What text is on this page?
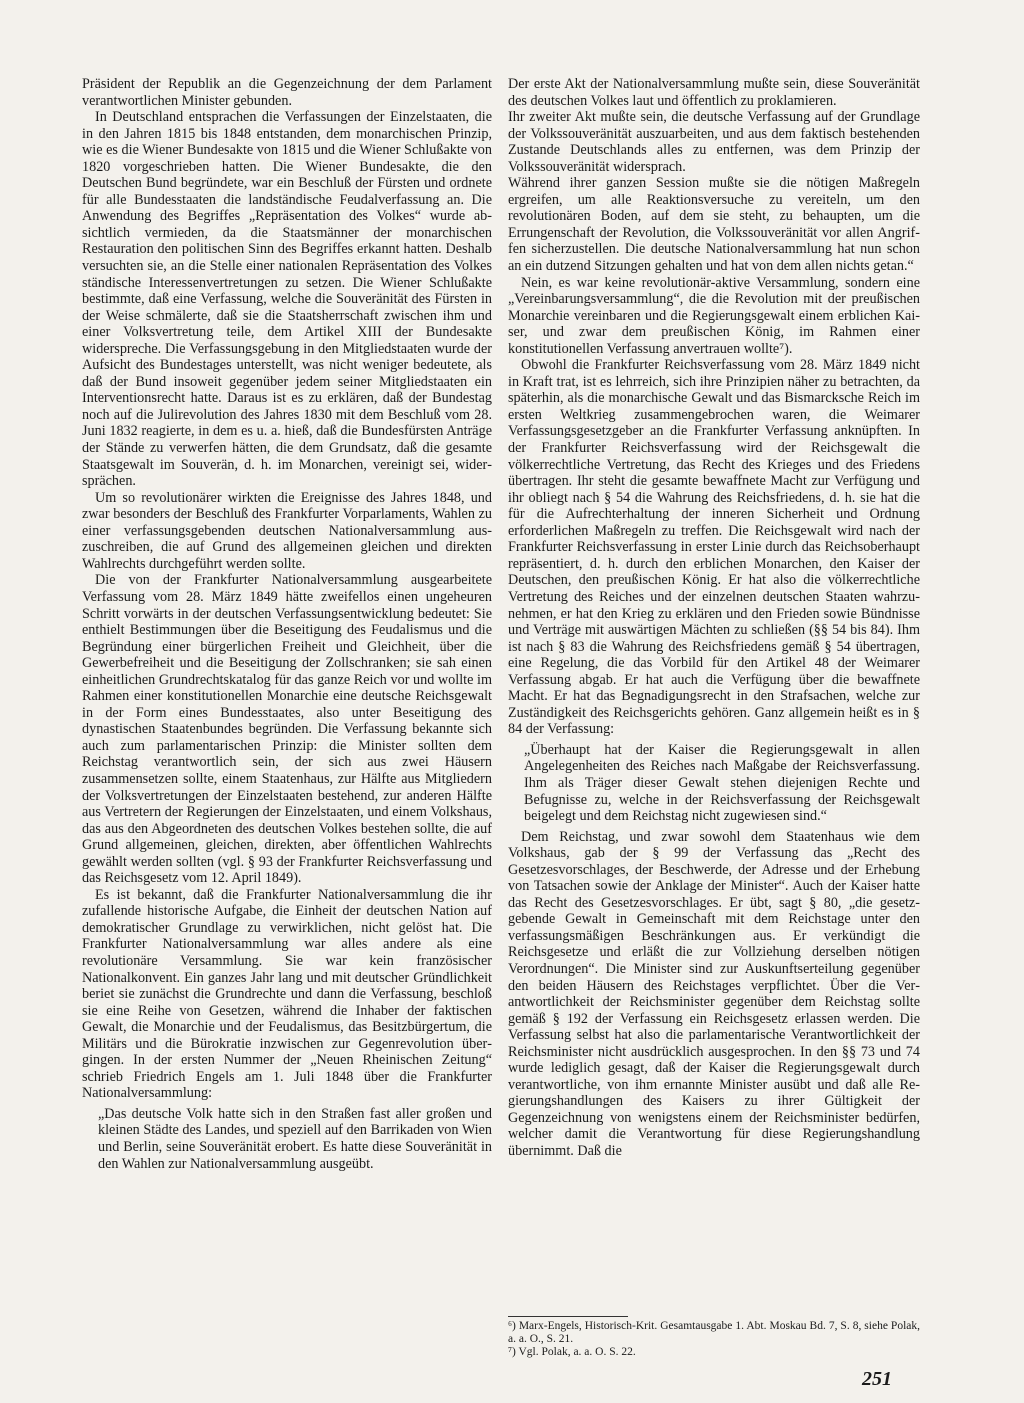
Präsident der Republik an die Gegenzeichnung der dem Parlament verantwortlichen Minister gebunden.

In Deutschland entsprachen die Verfassungen der Einzelstaaten, die in den Jahren 1815 bis 1848 entstanden, dem monarchischen Prinzip, wie es die Wiener Bundesakte von 1815 und die Wiener Schlußakte von 1820 vorgeschrieben hatten. Die Wiener Bundesakte, die den Deutschen Bund begründete, war ein Beschluß der Fürsten und ordnete für alle Bundesstaaten die landständische Feudalverfassung an. Die Anwendung des Begriffes „Repräsentation des Volkes“ wurde absichtlich vermieden, da die Staatsmänner der monarchischen Restauration den politischen Sinn des Begriffes erkannt hatten. Deshalb versuchten sie, an die Stelle einer nationalen Repräsentation des Volkes ständische Interessenvertretungen zu setzen. Die Wiener Schlußakte bestimmte, daß eine Verfassung, welche die Souveränität des Fürsten in der Weise schmälerte, daß sie die Staatsherrschaft zwischen ihm und einer Volksvertretung teile, dem Artikel XIII der Bundesakte widerspreche. Die Verfassungsgebung in den Mitgliedstaaten wurde der Aufsicht des Bundestages unterstellt, was nicht weniger bedeutete, als daß der Bund insoweit gegenüber jedem seiner Mitgliedstaaten ein Interventionsrecht hatte. Daraus ist es zu erklären, daß der Bundestag noch auf die Julirevolution des Jahres 1830 mit dem Beschluß vom 28. Juni 1832 reagierte, in dem es u. a. hieß, daß die Bundesfürsten Anträge der Stände zu verwerfen hätten, die dem Grundsatz, daß die gesamte Staatsgewalt im Souverän, d. h. im Monarchen, vereinigt sei, widersprächen.

Um so revolutionärer wirkten die Ereignisse des Jahres 1848, und zwar besonders der Beschluß des Frankfurter Vorparlaments, Wahlen zu einer verfassungsgebenden deutschen Nationalversammlung auszuschreiben, die auf Grund des allgemeinen gleichen und direkten Wahlrechts durchgeführt werden sollte.

Die von der Frankfurter Nationalversammlung ausgearbeitete Verfassung vom 28. März 1849 hätte zweifellos einen ungeheuren Schritt vorwärts in der deutschen Verfassungsentwicklung bedeutet: Sie enthielt Bestimmungen über die Beseitigung des Feudalismus und die Begründung einer bürgerlichen Freiheit und Gleichheit, über die Gewerbefreiheit und die Beseitigung der Zollschranken; sie sah einen einheitlichen Grundrechtskatalog für das ganze Reich vor und wollte im Rahmen einer konstitutionellen Monarchie eine deutsche Reichsgewalt in der Form eines Bundesstaates, also unter Beseitigung des dynastischen Staatenbundes begründen. Die Verfassung bekannte sich auch zum parlamentarischen Prinzip: die Minister sollten dem Reichstag verantwortlich sein, der sich aus zwei Häusern zusammensetzen sollte, einem Staatenhaus, zur Hälfte aus Mitgliedern der Volksvertretungen der Einzelstaaten bestehend, zur anderen Hälfte aus Vertretern der Regierungen der Einzelstaaten, und einem Volkshaus, das aus den Abgeordneten des deutschen Volkes bestehen sollte, die auf Grund allgemeinen, gleichen, direkten, aber öffentlichen Wahlrechts gewählt werden sollten (vgl. § 93 der Frankfurter Reichsverfassung und das Reichsgesetz vom 12. April 1849).

Es ist bekannt, daß die Frankfurter Nationalversammlung die ihr zufallende historische Aufgabe, die Einheit der deutschen Nation auf demokratischer Grundlage zu verwirklichen, nicht gelöst hat. Die Frankfurter Nationalversammlung war alles andere als eine revolutionäre Versammlung. Sie war kein französischer Nationalkonvent. Ein ganzes Jahr lang und mit deutscher Gründlichkeit beriet sie zunächst die Grundrechte und dann die Verfassung, beschloß sie eine Reihe von Gesetzen, während die Inhaber der faktischen Gewalt, die Monarchie und der Feudalismus, das Besitzbürgertum, die Militärs und die Bürokratie inzwischen zur Gegenrevolution übergingen. In der ersten Nummer der „Neuen Rheinischen Zeitung“ schrieb Friedrich Engels am 1. Juli 1848 über die Frankfurter Nationalversammlung:

„Das deutsche Volk hatte sich in den Straßen fast aller großen und kleinen Städte des Landes, und speziell auf den Barrikaden von Wien und Berlin, seine Souveränität erobert. Es hatte diese Souveränität in den Wahlen zur Nationalversammlung ausgeübt.

Der erste Akt der Nationalversammlung mußte sein, diese Souveränität des deutschen Volkes laut und öffentlich zu proklamieren.

Ihr zweiter Akt mußte sein, die deutsche Verfassung auf der Grundlage der Volkssouveränität auszuarbeiten, und aus dem faktisch bestehenden Zustande Deutschlands alles zu entfernen, was dem Prinzip der Volkssouveränität widersprach.

Während ihrer ganzen Session mußte sie die nötigen Maßregeln ergreifen, um alle Reaktionsversuche zu vereiteln, um den revolutionären Boden, auf dem sie steht, zu behaupten, um die Errungenschaft der Revolution, die Volkssouveränität vor allen Angriffen sicherzustellen. Die deutsche Nationalversammlung hat nun schon an ein dutzend Sitzungen gehalten und hat von dem allen nichts getan.“

Nein, es war keine revolutionär-aktive Versammlung, sondern eine „Vereinbarungsversammlung“, die die Revolution mit der preußischen Monarchie vereinbaren und die Regierungsgewalt einem erblichen Kaiser, und zwar dem preußischen König, im Rahmen einer konstitutionellen Verfassung anvertrauen wollte⁷).

Obwohl die Frankfurter Reichsverfassung vom 28. März 1849 nicht in Kraft trat, ist es lehrreich, sich ihre Prinzipien näher zu betrachten, da späterhin, als die monarchische Gewalt und das Bismarcksche Reich im ersten Weltkrieg zusammengebrochen waren, die Weimarer Verfassungsgesetzgeber an die Frankfurter Verfassung anknüpften. In der Frankfurter Reichsverfassung wird der Reichsgewalt die völkerrechtliche Vertretung, das Recht des Krieges und des Friedens übertragen. Ihr steht die gesamte bewaffnete Macht zur Verfügung und ihr obliegt nach § 54 die Wahrung des Reichsfriedens, d. h. sie hat die für die Aufrechterhaltung der inneren Sicherheit und Ordnung erforderlichen Maßregeln zu treffen. Die Reichsgewalt wird nach der Frankfurter Reichsverfassung in erster Linie durch das Reichsoberhaupt repräsentiert, d. h. durch den erblichen Monarchen, den Kaiser der Deutschen, den preußischen König. Er hat also die völkerrechtliche Vertretung des Reiches und der einzelnen deutschen Staaten wahrzunehmen, er hat den Krieg zu erklären und den Frieden sowie Bündnisse und Verträge mit auswärtigen Mächten zu schließen (§§ 54 bis 84). Ihm ist nach § 83 die Wahrung des Reichsfriedens gemäß § 54 übertragen, eine Regelung, die das Vorbild für den Artikel 48 der Weimarer Verfassung abgab. Er hat auch die Verfügung über die bewaffnete Macht. Er hat das Begnadigungsrecht in den Strafsachen, welche zur Zuständigkeit des Reichsgerichts gehören. Ganz allgemein heißt es in § 84 der Verfassung:

„Überhaupt hat der Kaiser die Regierungsgewalt in allen Angelegenheiten des Reiches nach Maßgabe der Reichsverfassung. Ihm als Träger dieser Gewalt stehen diejenigen Rechte und Befugnisse zu, welche in der Reichsverfassung der Reichsgewalt beigelegt und dem Reichstag nicht zugewiesen sind.“

Dem Reichstag, und zwar sowohl dem Staatenhaus wie dem Volkshaus, gab der § 99 der Verfassung das „Recht des Gesetzesvorschlages, der Beschwerde, der Adresse und der Erhebung von Tatsachen sowie der Anklage der Minister“. Auch der Kaiser hatte das Recht des Gesetzesvorschlages. Er übt, sagt § 80, „die gesetzgebende Gewalt in Gemeinschaft mit dem Reichstage unter den verfassungsmäßigen Beschränkungen aus. Er verkündigt die Reichsgesetze und erläßt die zur Vollziehung derselben nötigen Verordnungen“. Die Minister sind zur Auskunftserteilung gegenüber den beiden Häusern des Reichstages verpflichtet. Über die Verantwortlichkeit der Reichsminister gegenüber dem Reichstag sollte gemäß § 192 der Verfassung ein Reichsgesetz erlassen werden. Die Verfassung selbst hat also die parlamentarische Verantwortlichkeit der Reichsminister nicht ausdrücklich ausgesprochen. In den §§ 73 und 74 wurde lediglich gesagt, daß der Kaiser die Regierungsgewalt durch verantwortliche, von ihm ernannte Minister ausübt und daß alle Regierungshandlungen des Kaisers zu ihrer Gültigkeit der Gegenzeichnung von wenigstens einem der Reichsminister bedürfen, welcher damit die Verantwortung für diese Regierungshandlung übernimmt. Daß die

⁶) Marx-Engels, Historisch-Krit. Gesamtausgabe 1. Abt. Moskau Bd. 7, S. 8, siehe Polak, a. a. O., S. 21.

⁷) Vgl. Polak, a. a. O. S. 22.

251
